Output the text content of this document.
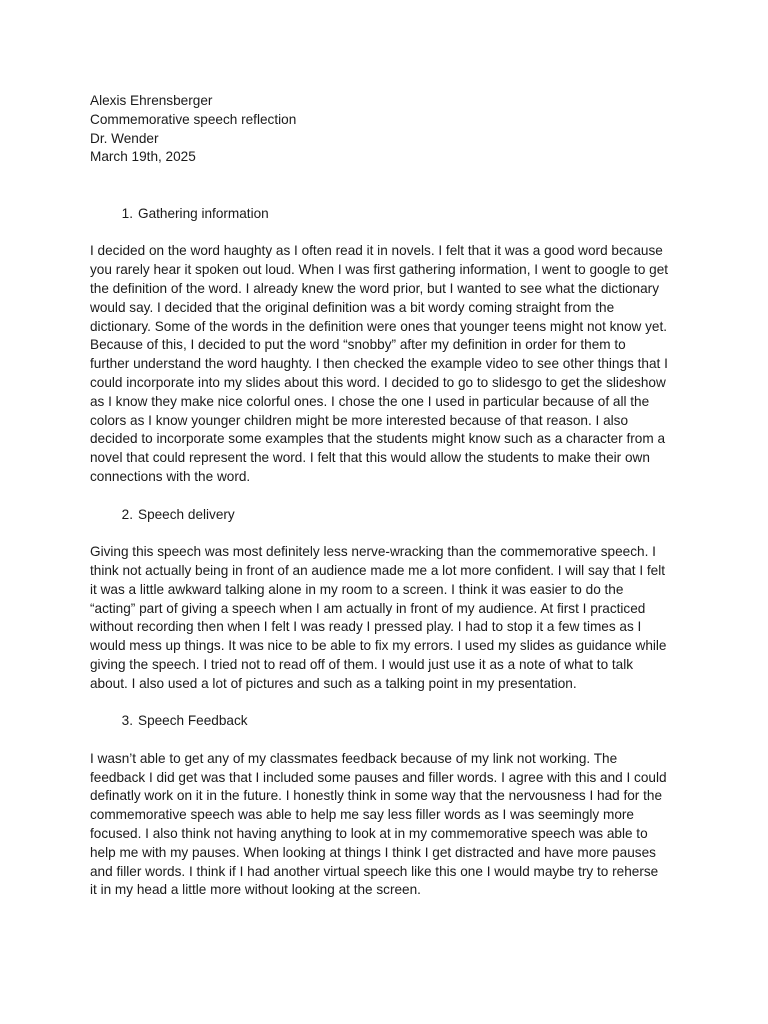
Alexis Ehrensberger
Commemorative speech reflection
Dr. Wender
March 19th, 2025
1. Gathering information
I decided on the word haughty as I often read it in novels. I felt that it was a good word because
you rarely hear it spoken out loud. When I was first gathering information, I went to google to get
the definition of the word. I already knew the word prior, but I wanted to see what the dictionary
would say. I decided that the original definition was a bit wordy coming straight from the
dictionary. Some of the words in the definition were ones that younger teens might not know yet.
Because of this, I decided to put the word “snobby” after my definition in order for them to
further understand the word haughty. I then checked the example video to see other things that I
could incorporate into my slides about this word. I decided to go to slidesgo to get the slideshow
as I know they make nice colorful ones. I chose the one I used in particular because of all the
colors as I know younger children might be more interested because of that reason. I also
decided to incorporate some examples that the students might know such as a character from a
novel that could represent the word. I felt that this would allow the students to make their own
connections with the word.
2. Speech delivery
Giving this speech was most definitely less nerve-wracking than the commemorative speech. I
think not actually being in front of an audience made me a lot more confident. I will say that I felt
it was a little awkward talking alone in my room to a screen. I think it was easier to do the
“acting” part of giving a speech when I am actually in front of my audience. At first I practiced
without recording then when I felt I was ready I pressed play. I had to stop it a few times as I
would mess up things. It was nice to be able to fix my errors. I used my slides as guidance while
giving the speech. I tried not to read off of them. I would just use it as a note of what to talk
about. I also used a lot of pictures and such as a talking point in my presentation.
3. Speech Feedback
I wasn’t able to get any of my classmates feedback because of my link not working. The
feedback I did get was that I included some pauses and filler words. I agree with this and I could
definatly work on it in the future. I honestly think in some way that the nervousness I had for the
commemorative speech was able to help me say less filler words as I was seemingly more
focused. I also think not having anything to look at in my commemorative speech was able to
help me with my pauses. When looking at things I think I get distracted and have more pauses
and filler words. I think if I had another virtual speech like this one I would maybe try to reherse
it in my head a little more without looking at the screen.
